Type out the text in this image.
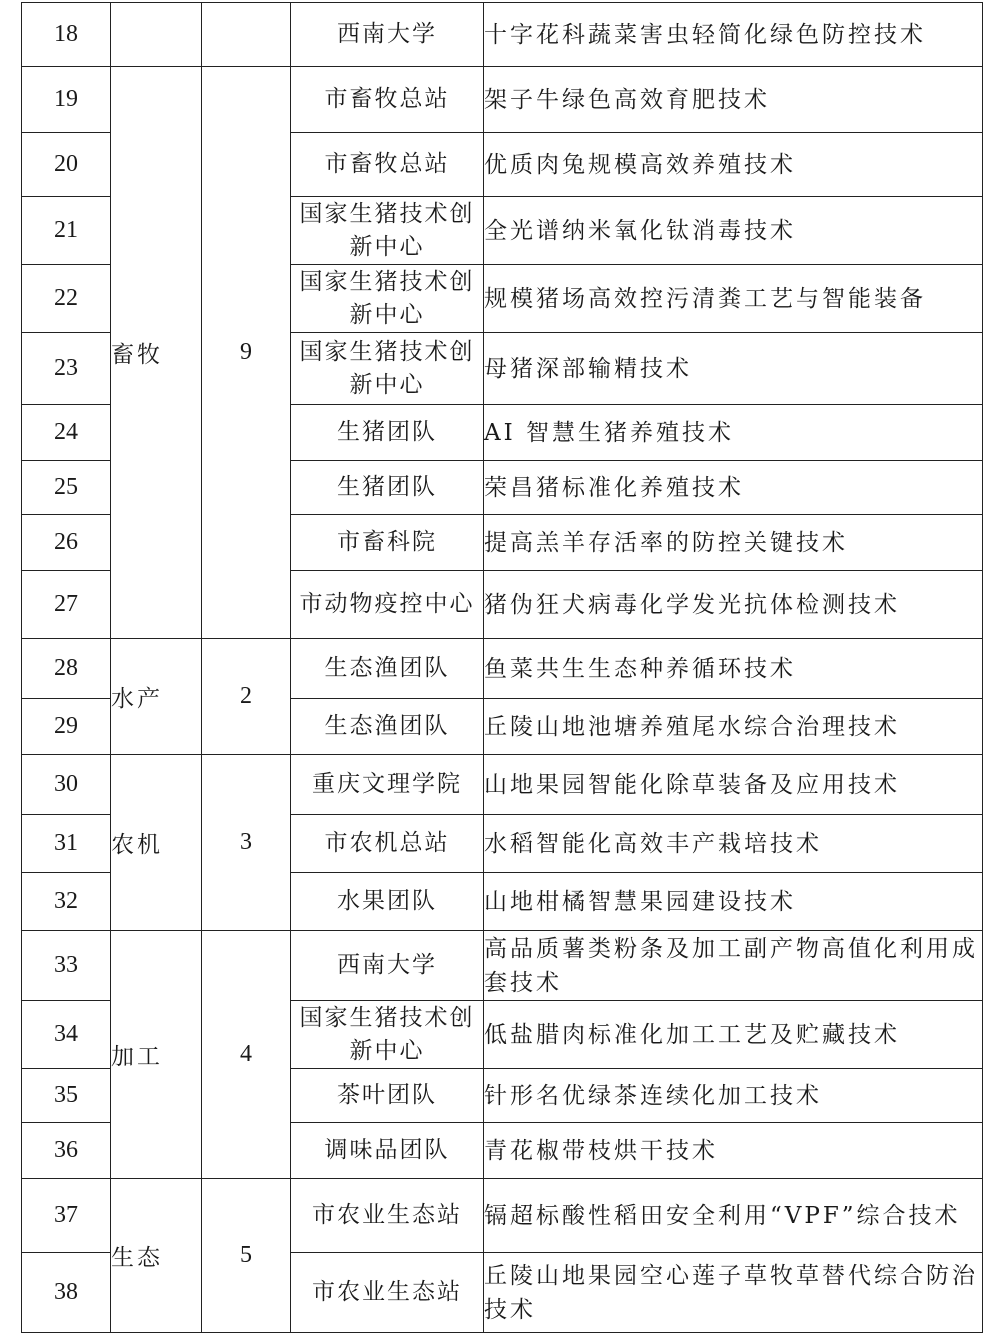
18			西南大学	十字花科蔬菜害虫轻简化绿色防控技术
19	畜牧	9	市畜牧总站	架子牛绿色高效育肥技术
20			市畜牧总站	优质肉兔规模高效养殖技术
21			国家生猪技术创新中心	全光谱纳米氧化钛消毒技术
22			国家生猪技术创新中心	规模猪场高效控污清粪工艺与智能装备
23			国家生猪技术创新中心	母猪深部输精技术
24			生猪团队	AI 智慧生猪养殖技术
25			生猪团队	荣昌猪标准化养殖技术
26			市畜科院	提高羔羊存活率的防控关键技术
27			市动物疫控中心	猪伪狂犬病毒化学发光抗体检测技术
28	水产	2	生态渔团队	鱼菜共生生态种养循环技术
29			生态渔团队	丘陵山地池塘养殖尾水综合治理技术
30	农机	3	重庆文理学院	山地果园智能化除草装备及应用技术
31			市农机总站	水稻智能化高效丰产栽培技术
32			水果团队	山地柑橘智慧果园建设技术
33	加工	4	西南大学	高品质薯类粉条及加工副产物高值化利用成套技术
34			国家生猪技术创新中心	低盐腊肉标准化加工工艺及贮藏技术
35			茶叶团队	针形名优绿茶连续化加工技术
36			调味品团队	青花椒带枝烘干技术
37	生态	5	市农业生态站	镉超标酸性稻田安全利用“VPF”综合技术
38			市农业生态站	丘陵山地果园空心莲子草牧草替代综合防治技术
